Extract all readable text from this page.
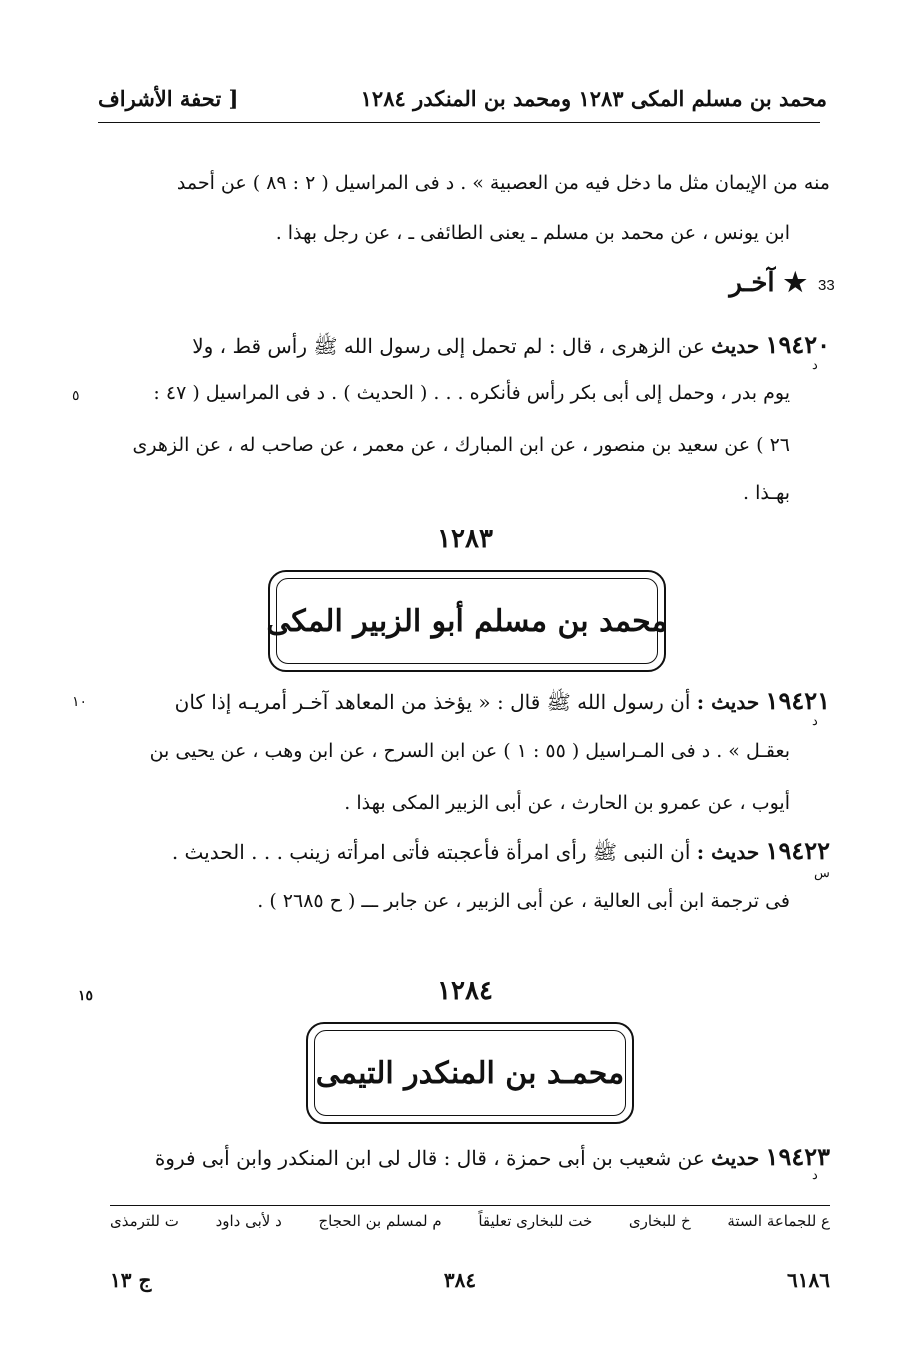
محمد بن مسلم المكى ١٢٨٣ ومحمد بن المنكدر ١٢٨٤
[ تحفة الأشراف
منه من الإيمان مثل ما دخل فيه من العصبية » . د فى المراسيل ( ٢ : ٨٩ ) عن أحمد
ابن يونس ، عن محمد بن مسلم ـ يعنى الطائفى ـ ، عن رجل بهذا .
33
★ آخـر
١٩٤٢٠ حديث عن الزهرى ، قال : لم تحمل إلى رسول الله ﷺ رأس قط ، ولا
د
يوم بدر ، وحمل إلى أبى بكر رأس فأنكره . . . ( الحديث ) . د فى المراسيل ( ٤٧ :
٥
٢٦ ) عن سعيد بن منصور ، عن ابن المبارك ، عن معمر ، عن صاحب له ، عن الزهرى
بهـذا .
١٢٨٣
محمد بن مسلم أبو الزبير المكى
١٩٤٢١ حديث : أن رسول الله ﷺ قال : « يؤخذ من المعاهد آخـر أمريـه إذا كان
د
١٠
بعقـل » . د فى المـراسيل ( ٥٥ : ١ ) عن ابن السرح ، عن ابن وهب ، عن يحيى بن
أيوب ، عن عمرو بن الحارث ، عن أبى الزبير المكى بهذا .
١٩٤٢٢ حديث : أن النبى ﷺ رأى امرأة فأعجبته فأتى امرأته زينب . . . الحديث .
س
فى ترجمة ابن أبى العالية ، عن أبى الزبير ، عن جابر ـــ ( ح ٢٦٨٥ ) .
١٥	١٢٨٤
محمـد بن المنكدر التيمى
١٩٤٢٣ حديث عن شعيب بن أبى حمزة ، قال : قال لى ابن المنكدر وابن أبى فروة
د
ع للجماعة الستة
خ للبخارى
خت للبخارى تعليقاً
م لمسلم بن الحجاج
د لأبى داود
ت للترمذى
٦١٨٦
٣٨٤
ج ١٣
